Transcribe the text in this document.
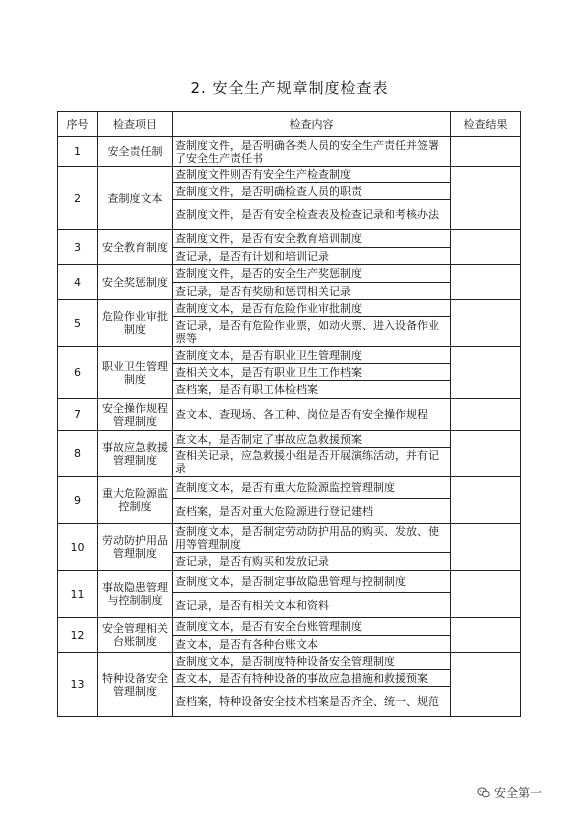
2. 安全生产规章制度检查表
序号	检查项目	检查内容	检查结果
1	安全责任制	查制度文件，是否明确各类人员的安全生产责任并签署了安全生产责任书	
2	查制度文本	查制度文件则否有安全生产检查制度	
		查制度文件，是否明确检查人员的职责	
		查制度文件，是否有安全检查表及检查记录和考核办法	
3	安全教育制度	查制度文件，是否有安全教育培训制度	
		查记录，是否有计划和培训记录	
4	安全奖惩制度	查制度文件，是否的安全生产奖惩制度	
		查记录，是否有奖励和惩罚相关记录	
5	危险作业审批制度	查制度文本，是否有危险作业审批制度	
		查记录，是否有危险作业票，如动火票、进入设备作业票等	
6	职业卫生管理制度	查制度文本，是否有职业卫生管理制度	
		查相关文本，是否有职业卫生工作档案	
		查档案，是否有职工体检档案	
7	安全操作规程管理制度	查文本、查现场、各工种、岗位是否有安全操作规程	
8	事故应急救援管理制度	查文本，是否制定了事故应急救援预案	
		查相关记录，应急救援小组是否开展演练活动，并有记录	
9	重大危险源监控制度	查制度文本，是否有重大危险源监控管理制度	
		查档案，是否对重大危险源进行登记建档	
10	劳动防护用品管理制度	查制度文本，是否制定劳动防护用品的购买、发放、使用等管理制度	
		查记录，是否有购买和发放记录	
11	事故隐患管理与控制制度	查制度文本，是否制定事故隐患管理与控制制度	
		查记录，是否有相关文本和资料	
12	安全管理相关台账制度	查制度文本，是否有安全台账管理制度	
		查文本，是否有各种台账文本	
13	特种设备安全管理制度	查制度文本，是否制度特种设备安全管理制度	
		查文本，是否有特种设备的事故应急措施和救援预案	
		查档案，特种设备安全技术档案是否齐全、统一、规范	
安全第一
